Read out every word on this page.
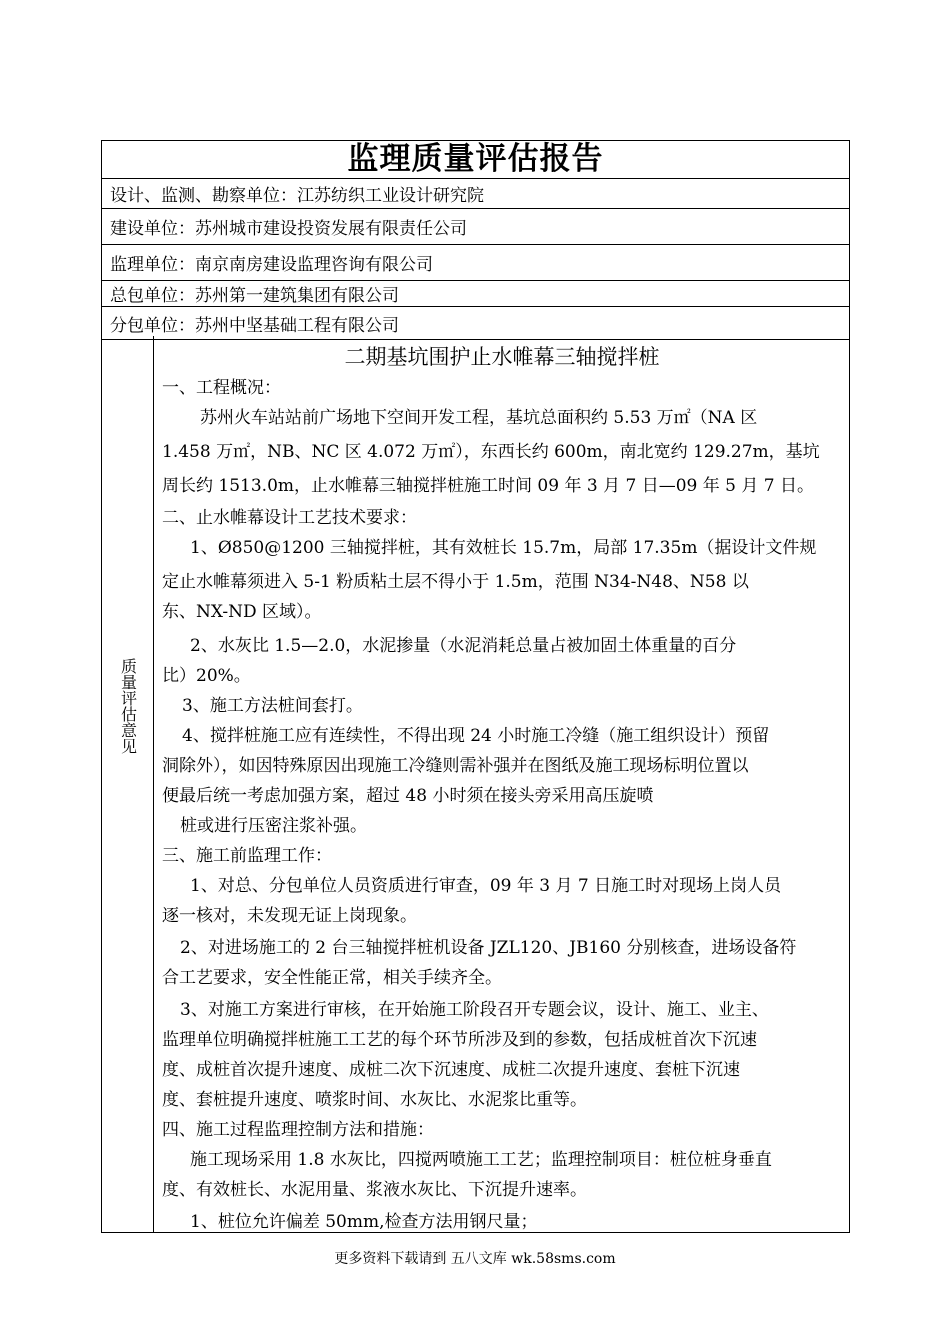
监理质量评估报告
设计、监测、勘察单位：江苏纺织工业设计研究院
建设单位：苏州城市建设投资发展有限责任公司
监理单位：南京南房建设监理咨询有限公司
总包单位：苏州第一建筑集团有限公司
分包单位：苏州中坚基础工程有限公司
质量评估意见
二期基坑围护止水帷幕三轴搅拌桩
一、工程概况：
苏州火车站站前广场地下空间开发工程，基坑总面积约 5.53 万㎡（NA 区
1.458 万㎡，NB、NC 区 4.072 万㎡），东西长约 600m，南北宽约 129.27m，基坑
周长约 1513.0m，止水帷幕三轴搅拌桩施工时间 09 年 3 月 7 日—09 年 5 月 7 日。
二、止水帷幕设计工艺技术要求：
1、Ø850@1200 三轴搅拌桩，其有效桩长 15.7m，局部 17.35m（据设计文件规
定止水帷幕须进入 5-1 粉质粘土层不得小于 1.5m，范围 N34-N48、N58 以
东、NX-ND 区域）。
2、水灰比 1.5—2.0，水泥掺量（水泥消耗总量占被加固土体重量的百分
比）20%。
3、施工方法桩间套打。
4、搅拌桩施工应有连续性，不得出现 24 小时施工冷缝（施工组织设计）预留
洞除外），如因特殊原因出现施工冷缝则需补强并在图纸及施工现场标明位置以
便最后统一考虑加强方案，超过 48 小时须在接头旁采用高压旋喷
桩或进行压密注浆补强。
三、施工前监理工作：
1、对总、分包单位人员资质进行审查，09 年 3 月 7 日施工时对现场上岗人员
逐一核对，未发现无证上岗现象。
2、对进场施工的 2 台三轴搅拌桩机设备 JZL120、JB160 分别核查，进场设备符
合工艺要求，安全性能正常，相关手续齐全。
3、对施工方案进行审核，在开始施工阶段召开专题会议，设计、施工、业主、
监理单位明确搅拌桩施工工艺的每个环节所涉及到的参数，包括成桩首次下沉速
度、成桩首次提升速度、成桩二次下沉速度、成桩二次提升速度、套桩下沉速
度、套桩提升速度、喷浆时间、水灰比、水泥浆比重等。
四、施工过程监理控制方法和措施：
施工现场采用 1.8 水灰比，四搅两喷施工工艺；监理控制项目：桩位桩身垂直
度、有效桩长、水泥用量、浆液水灰比、下沉提升速率。
1、桩位允许偏差 50mm,检查方法用钢尺量；
更多资料下载请到 五八文库 wk.58sms.com
